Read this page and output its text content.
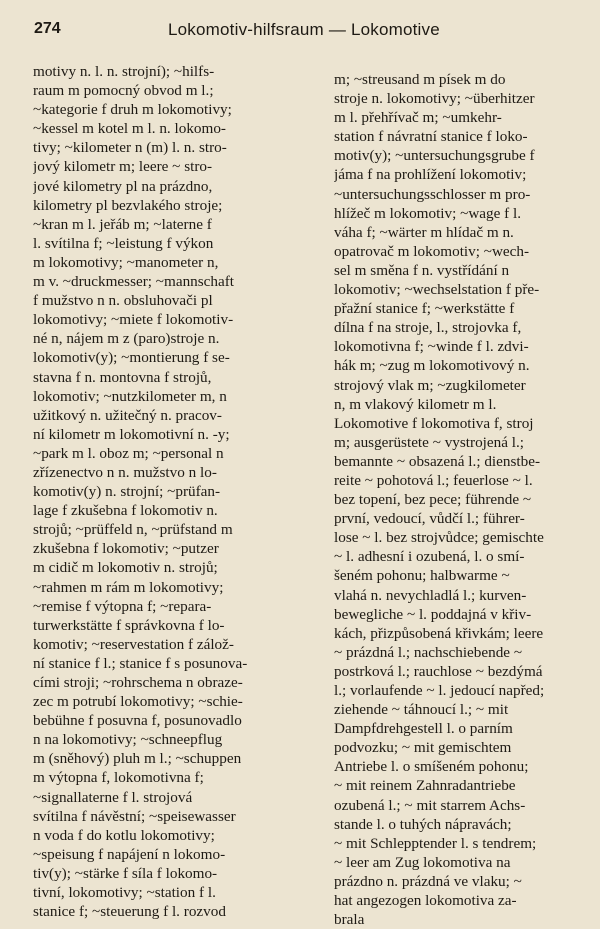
274	Lokomotiv-hilfsraum — Lokomotive
motivy n. l. n. strojní); ~hilfs-
raum m pomocný obvod m l.;
~kategorie f druh m lokomotivy;
~kessel m kotel m l. n. lokomo-
tivy; ~kilometer n (m) l. n. stro-
jový kilometr m; leere ~ stro-
jové kilometry pl na prázdno,
kilometry pl bezvlakého stroje;
~kran m l. jeřáb m; ~laterne f
l. svítilna f; ~leistung f výkon
m lokomotivy; ~manometer n,
m v. ~druckmesser; ~mannschaft
f mužstvo n n. obsluhovači pl
lokomotivy; ~miete f lokomotiv-
né n, nájem m z (paro)stroje n.
lokomotiv(y); ~montierung f se-
stavna f n. montovna f strojů,
lokomotiv; ~nutzkilometer m, n
užitkový n. užitečný n. pracov-
ní kilometr m lokomotivní n. -y;
~park m l. oboz m; ~personal n
zřízenectvo n n. mužstvo n lo-
komotiv(y) n. strojní; ~prüfan-
lage f zkušebna f lokomotiv n.
strojů; ~prüffeld n, ~prüfstand m
zkušebna f lokomotiv; ~putzer
m cidič m lokomotiv n. strojů;
~rahmen m rám m lokomotivy;
~remise f výtopna f; ~repara-
turwerkstätte f správkovna f lo-
komotiv; ~reservestation f zálož-
ní stanice f l.; stanice f s posunova-
cími stroji; ~rohrschema n obraze-
zec m potrubí lokomotivy; ~schie-
bebühne f posuvna f, posunovadlo
n na lokomotivy; ~schneepflug
m (sněhový) pluh m l.; ~schuppen
m výtopna f, lokomotivna f;
~signallaterne f l. strojová
svítilna f návěstní; ~speisewasser
n voda f do kotlu lokomotivy;
~speisung f napájení n lokomo-
tiv(y); ~stärke f síla f lokomo-
tivní, lokomotivy; ~station f l.
stanice f; ~steuerung f l. rozvod
m; ~streusand m písek m do
stroje n. lokomotivy; ~überhitzer
m l. přehřívač m; ~umkehr-
station f návratní stanice f loko-
motiv(y); ~untersuchungsgrube f
jáma f na prohlížení lokomotiv;
~untersuchungsschlosser m pro-
hlížeč m lokomotiv; ~wage f l.
váha f; ~wärter m hlídač m n.
opatrovač m lokomotiv; ~wech-
sel m směna f n. vystřídání n
lokomotiv; ~wechselstation f pře-
přažní stanice f; ~werkstätte f
dílna f na stroje, l., strojovka f,
lokomotivna f; ~winde f l. zdvi-
hák m; ~zug m lokomotivový n.
strojový vlak m; ~zugkilometer
n, m vlakový kilometr m l.
Lokomotive f lokomotiva f, stroj
m; ausgerüstete ~ vystrojená l.;
bemannte ~ obsazená l.; dienstbe-
reite ~ pohotová l.; feuerlose ~ l.
bez topení, bez pece; führende ~
první, vedoucí, vůdčí l.; führer-
lose ~ l. bez strojvůdce; gemischte
~ l. adhesní i ozubená, l. o smí-
šeném pohonu; halbwarme ~
vlahá n. nevychladlá l.; kurven-
bewegliche ~ l. poddajná v křiv-
kách, přizpůsobená křivkám; leere
~ prázdná l.; nachschiebende ~
postrková l.; rauchlose ~ bezdýmá
l.; vorlaufende ~ l. jedoucí napřed;
ziehende ~ táhnoucí l.; ~ mit
Dampfdrehgestell l. o parním
podvozku; ~ mit gemischtem
Antriebe l. o smíšeném pohonu;
~ mit reinem Zahnradantriebe
ozubená l.; ~ mit starrem Achs-
stande l. o tuhých nápravách;
~ mit Schlepptender l. s tendrem;
~ leer am Zug lokomotiva na
prázdno n. prázdná ve vlaku; ~
hat angezogen lokomotiva za-
brala
